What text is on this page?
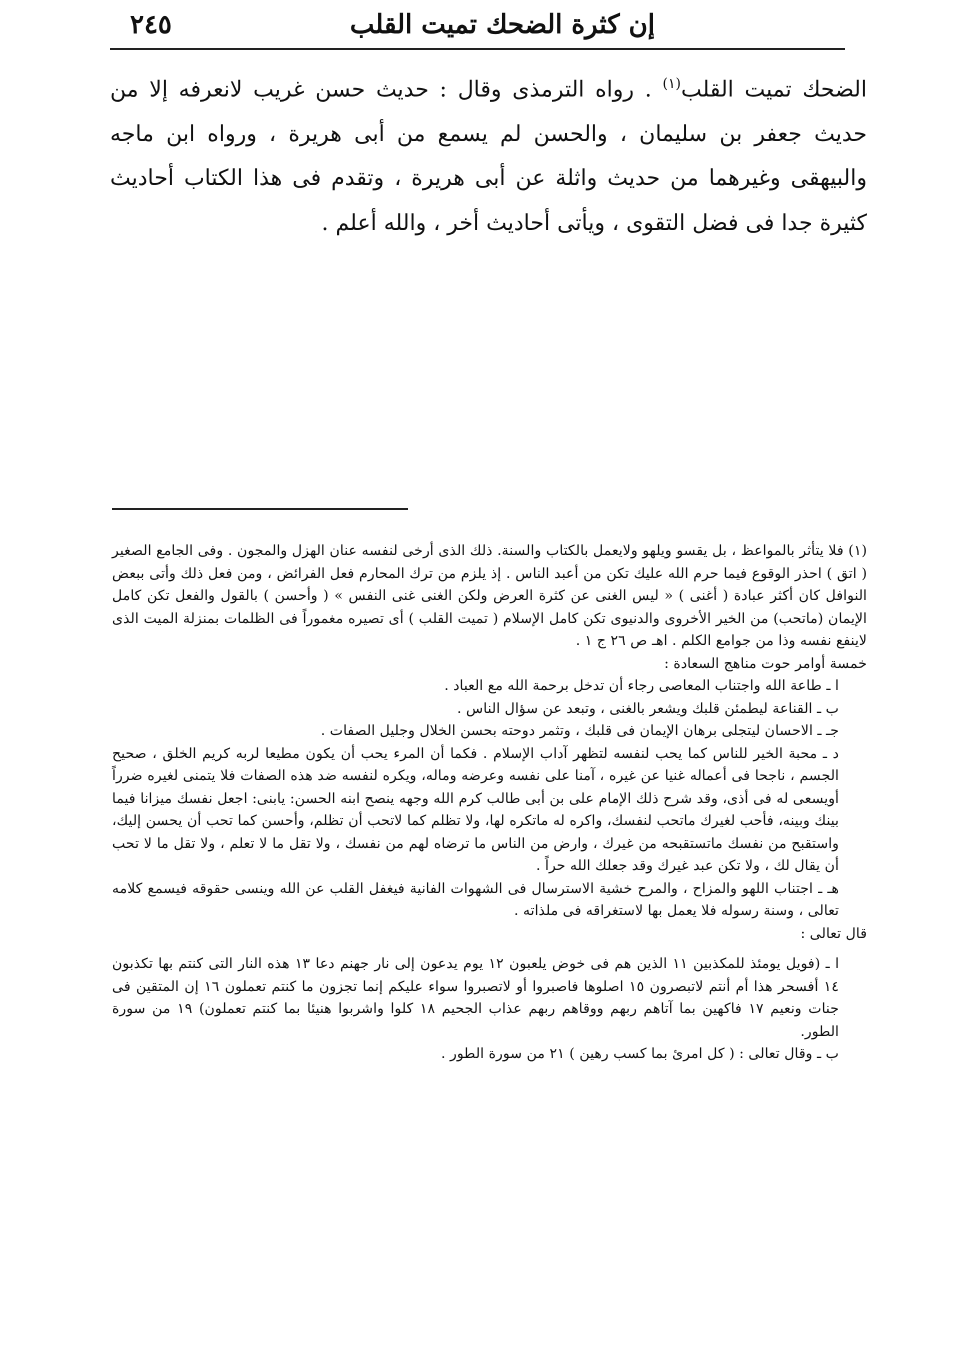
٢٤٥	إن كثرة الضحك تميت القلب

الضحك تميت القلب$^{(١)}$ . رواه الترمذى وقال : حديث حسن غريب لانعرفه إلا من حديث جعفر بن سليمان ، والحسن لم يسمع من أبى هريرة ، ورواه ابن ماجه والبيهقى وغيرهما من حديث واثلة عن أبى هريرة ، وتقدم فى هذا الكتاب أحاديث كثيرة جدا فى فضل التقوى ، ويأتى أحاديث أخر ، والله أعلم .

(١) فلا يتأثر بالمواعظ ، بل يقسو ويلهو ولايعمل بالكتاب والسنة. ذلك الذى أرخى لنفسه عنان الهزل والمجون . وفى الجامع الصغير ( اتق ) احذر الوقوع فيما حرم الله عليك تكن من أعبد الناس . إذ يلزم من ترك المحارم فعل الفرائض ، ومن فعل ذلك وأتى ببعض النوافل كان أكثر عبادة ( أغنى ) « ليس الغنى عن كثرة العرض ولكن الغنى غنى النفس » ( وأحسن ) بالقول والفعل تكن كامل الإيمان (ماتحب) من الخير الأخروى والدنيوى تكن كامل الإسلام ( تميت القلب ) أى تصيره مغموراً فى الظلمات بمنزلة الميت الذى لاينفع نفسه وذا من جوامع الكلم . اهـ ص ٢٦ ج ١ .

خمسة أوامر حوت مناهج السعادة :

ا ـ طاعة الله واجتناب المعاصى رجاء أن تدخل برحمة الله مع العباد .

ب ـ القناعة ليطمئن قلبك ويشعر بالغنى ، وتبعد عن سؤال الناس .

جـ ـ الاحسان ليتجلى برهان الإيمان فى قلبك ، وتثمر دوحته بحسن الخلال وجليل الصفات .

د ـ محبة الخير للناس كما يحب لنفسه لتظهر آداب الإسلام . فكما أن المرء يحب أن يكون مطيعا لربه كريم الخلق ، صحيح الجسم ، ناجحا فى أعماله غنيا عن غيره ، آمنا على نفسه وعرضه وماله، ويكره لنفسه ضد هذه الصفات فلا يتمنى لغيره ضرراً أويسعى له فى أذى، وقد شرح ذلك الإمام على بن أبى طالب كرم الله وجهه ينصح ابنه الحسن: يابنى: اجعل نفسك ميزانا فيما بينك وبينه، فأحب لغيرك ماتحب لنفسك، واكره له ماتكره لها، ولا تظلم كما لاتحب أن تظلم، وأحسن كما تحب أن يحسن إليك، واستقبح من نفسك ماتستقبحه من غيرك ، وارض من الناس ما ترضاه لهم من نفسك ، ولا تقل ما لا تعلم ، ولا تقل ما لا تحب أن يقال لك ، ولا تكن عبد غيرك وقد جعلك الله حراً .

هـ ـ اجتناب اللهو والمزاح ، والمرح خشية الاسترسال فى الشهوات الفانية فيغفل القلب عن الله وينسى حقوقه فيسمع كلامه تعالى ، وسنة رسوله فلا يعمل بها لاستغراقه فى ملذاته .

قال تعالى :

ا ـ (فويل يومئذ للمكذبين ١١ الذين هم فى خوض يلعبون ١٢ يوم يدعون إلى نار جهنم دعا ١٣ هذه النار التى كنتم بها تكذبون ١٤ أفسحر هذا أم أنتم لاتبصرون ١٥ اصلوها فاصبروا أو لاتصبروا سواء عليكم إنما تجزون ما كنتم تعملون ١٦ إن المتقين فى جنات ونعيم ١٧ فاكهين بما آتاهم ربهم ووقاهم ربهم عذاب الجحيم ١٨ كلوا واشربوا هنيئا بما كنتم تعملون) ١٩ من سورة الطور.

ب ـ وقال تعالى : ( كل امرئ بما كسب رهين ) ٢١ من سورة الطور .
